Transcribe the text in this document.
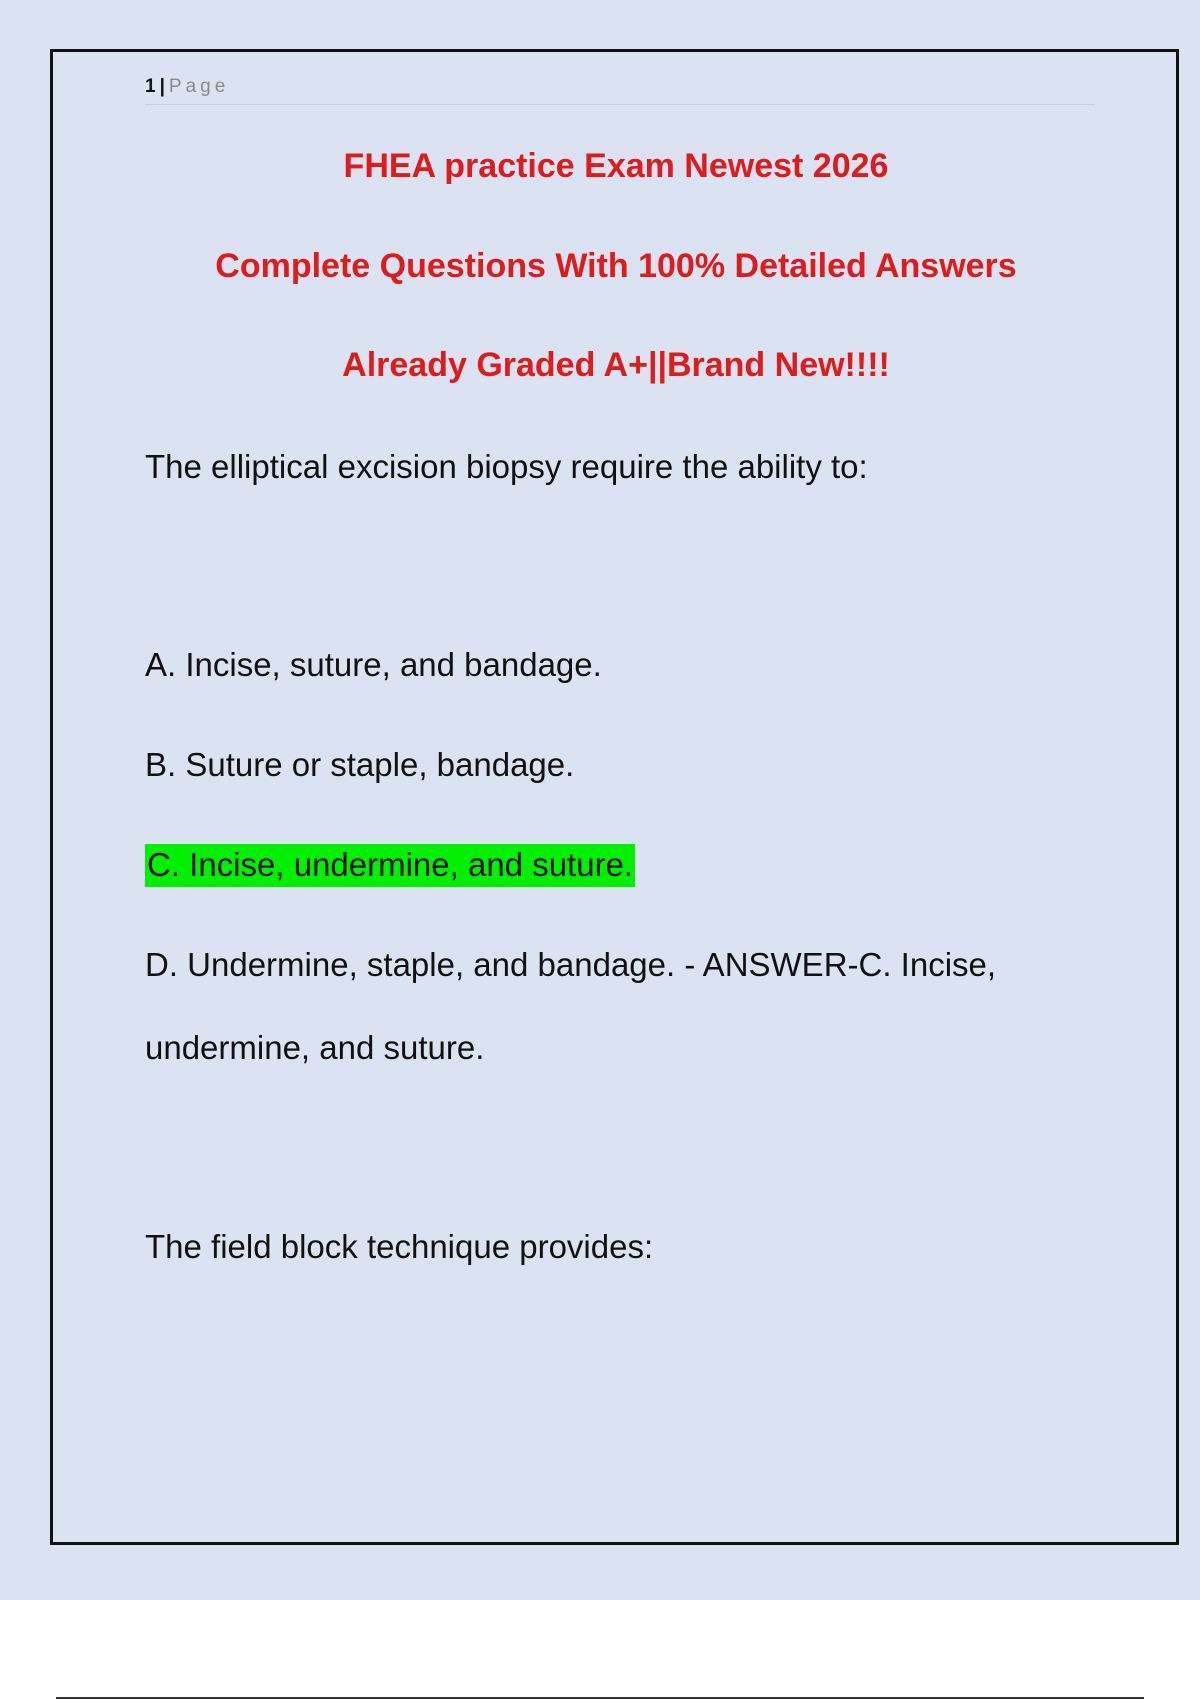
1 | Page
FHEA practice Exam Newest 2026
Complete Questions With 100% Detailed Answers
Already Graded A+||Brand New!!!!
The elliptical excision biopsy require the ability to:
A. Incise, suture, and bandage.
B. Suture or staple, bandage.
C. Incise, undermine, and suture.
D. Undermine, staple, and bandage. - ANSWER-C. Incise,
undermine, and suture.
The field block technique provides:
